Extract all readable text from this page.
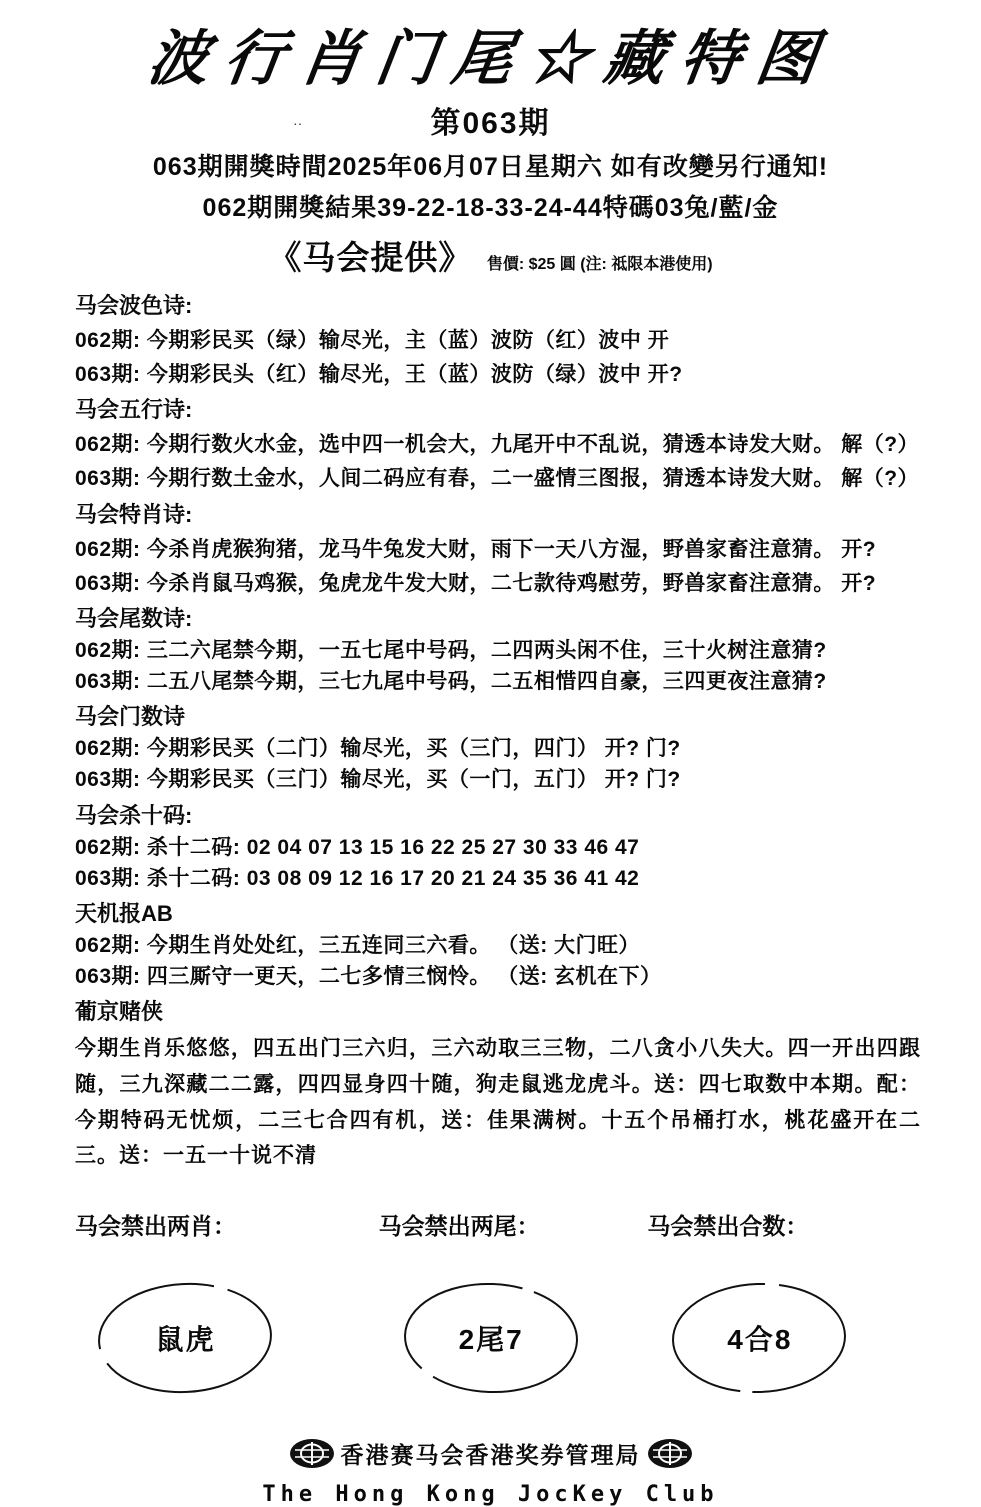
波行肖门尾☆藏特图
‥	第063期
063期開獎時間2025年06月07日星期六 如有改變另行通知!
062期開獎結果39-22-18-33-24-44特碼03兔/藍/金
《马会提供》 售價: $25 圓 (注: 祗限本港使用)
马会波色诗:
062期: 今期彩民买（绿）输尽光，主（蓝）波防（红）波中 开
063期: 今期彩民头（红）输尽光，王（蓝）波防（绿）波中 开?
马会五行诗:
062期: 今期行数火水金，选中四一机会大，九尾开中不乱说，猜透本诗发大财。 解（?）
063期: 今期行数土金水，人间二码应有春，二一盛情三图报，猜透本诗发大财。 解（?）
马会特肖诗:
062期: 今杀肖虎猴狗猪，龙马牛兔发大财，雨下一天八方湿，野兽家畜注意猜。 开?
063期: 今杀肖鼠马鸡猴，兔虎龙牛发大财，二七款待鸡慰劳，野兽家畜注意猜。 开?
马会尾数诗:
062期: 三二六尾禁今期，一五七尾中号码，二四两头闲不住，三十火树注意猜?
063期: 二五八尾禁今期，三七九尾中号码，二五相惜四自豪，三四更夜注意猜?
马会门数诗
062期: 今期彩民买（二门）输尽光，买（三门，四门） 开? 门?
063期: 今期彩民买（三门）输尽光，买（一门，五门） 开? 门?
马会杀十码:
062期: 杀十二码: 02 04 07 13 15 16 22 25 27 30 33 46 47
063期: 杀十二码: 03 08 09 12 16 17 20 21 24 35 36 41 42
天机报AB
062期: 今期生肖处处红，三五连同三六看。 （送: 大门旺）
063期: 四三厮守一更天，二七多情三悯怜。 （送: 玄机在下）
葡京赌侠
今期生肖乐悠悠，四五出门三六归，三六动取三三物，二八贪小八失大。四一开出四跟随，三九深藏二二露，四四显身四十随，狗走鼠逃龙虎斗。送：四七取数中本期。配：今期特码无忧烦，二三七合四有机，送：佳果满树。十五个吊桶打水，桃花盛开在二三。送：一五一十说不清
马会禁出两肖：
鼠虎
马会禁出两尾：
2尾7
马会禁出合数：
4合8
香港赛马会香港奖券管理局
The Hong Kong JocKey Club
